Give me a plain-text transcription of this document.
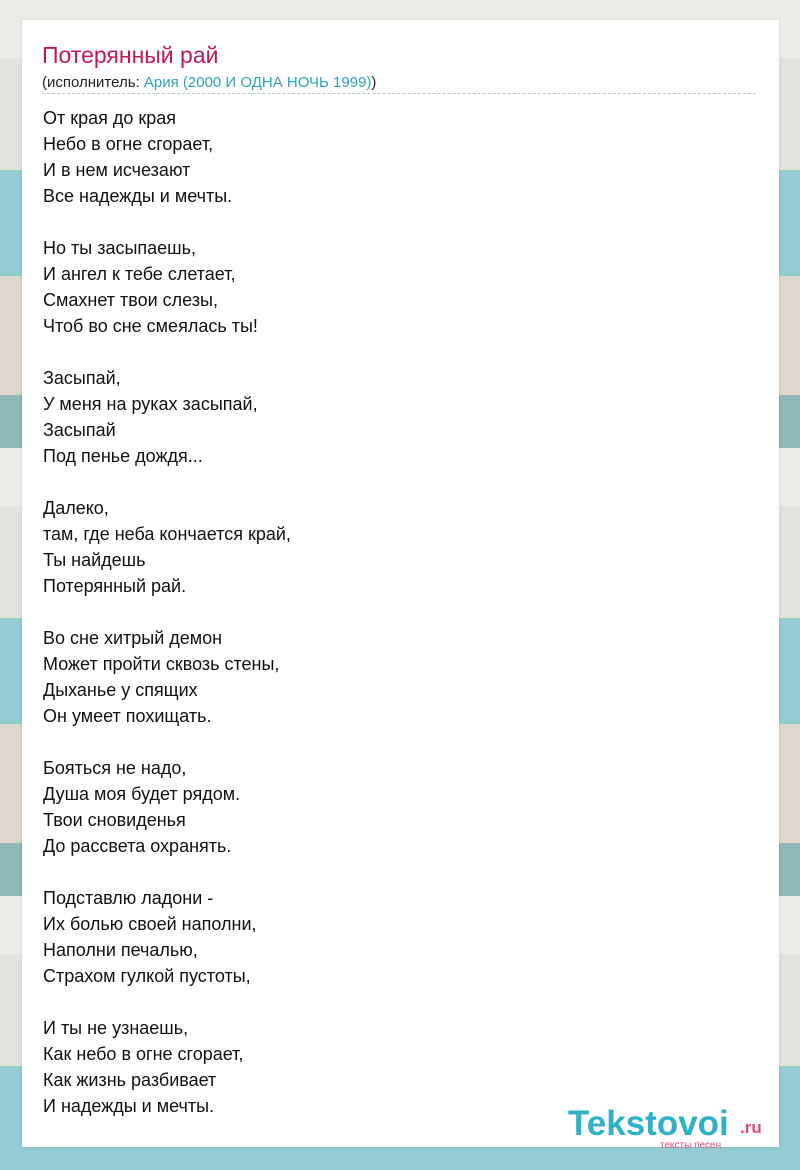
Потерянный рай
(исполнитель: Ария (2000 И ОДНА НОЧЬ 1999))
От края до края
Небо в огне сгорает,
И в нем исчезают
Все надежды и мечты.
Но ты засыпаешь,
И ангел к тебе слетает,
Смахнет твои слезы,
Чтоб во сне смеялась ты!
Засыпай,
У меня на руках засыпай,
Засыпай
Под пенье дождя...
Далеко,
там, где неба кончается край,
Ты найдешь
Потерянный рай.
Во сне хитрый демон
Может пройти сквозь стены,
Дыханье у спящих
Он умеет похищать.
Бояться не надо,
Душа моя будет рядом.
Твои сновиденья
До рассвета охранять.
Подставлю ладони -
Их болью своей наполни,
Наполни печалью,
Страхом гулкой пустоты,
И ты не узнаешь,
Как небо в огне сгорает,
Как жизнь разбивает
И надежды и мечты.	Tekstovoi .ru
тексты песен
